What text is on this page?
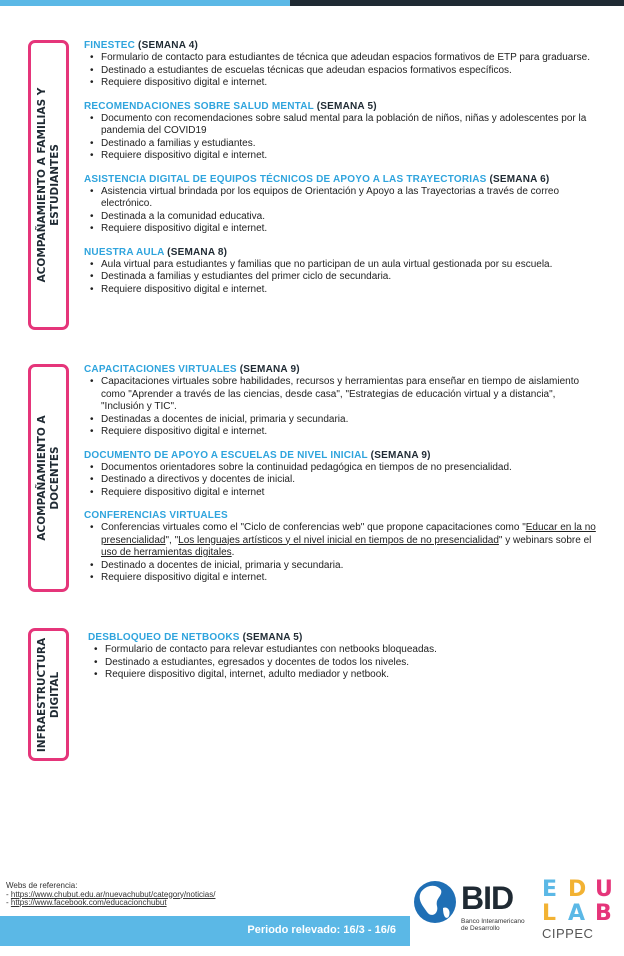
ACOMPAÑAMIENTO A FAMILIAS Y ESTUDIANTES
FINESTEC (SEMANA 4)
• Formulario de contacto para estudiantes de técnica que adeudan espacios formativos de ETP para graduarse.
• Destinado a estudiantes de escuelas técnicas que adeudan espacios formativos específicos.
• Requiere dispositivo digital e internet.
RECOMENDACIONES SOBRE SALUD MENTAL (SEMANA 5)
• Documento con recomendaciones sobre salud mental para la población de niños, niñas y adolescentes por la pandemia del COVID19
• Destinado a familias y estudiantes.
• Requiere dispositivo digital e internet.
ASISTENCIA DIGITAL DE EQUIPOS TÉCNICOS DE APOYO A LAS TRAYECTORIAS (SEMANA 6)
• Asistencia virtual brindada por los equipos de Orientación y Apoyo a las Trayectorias a través de correo electrónico.
• Destinada a la comunidad educativa.
• Requiere dispositivo digital e internet.
NUESTRA AULA (SEMANA 8)
• Aula virtual para estudiantes y familias que no participan de un aula virtual gestionada por su escuela.
• Destinada a familias y estudiantes del primer ciclo de secundaria.
• Requiere dispositivo digital e internet.
ACOMPAÑAMIENTO A DOCENTES
CAPACITACIONES VIRTUALES (SEMANA 9)
• Capacitaciones virtuales sobre habilidades, recursos y herramientas para enseñar en tiempo de aislamiento como "Aprender a través de las ciencias, desde casa", "Estrategias de educación virtual y a distancia", "Inclusión y TIC".
• Destinadas a docentes de inicial, primaria y secundaria.
• Requiere dispositivo digital e internet.
DOCUMENTO DE APOYO A ESCUELAS DE NIVEL INICIAL (SEMANA 9)
• Documentos orientadores sobre la continuidad pedagógica en tiempos de no presencialidad.
• Destinado a directivos y docentes de inicial.
• Requiere dispositivo digital e internet
CONFERENCIAS VIRTUALES
• Conferencias virtuales como el "Ciclo de conferencias web" que propone capacitaciones como "Educar en la no presencialidad", "Los lenguajes artísticos y el nivel inicial en tiempos de no presencialidad" y webinars sobre el uso de herramientas digitales.
• Destinado a docentes de inicial, primaria y secundaria.
• Requiere dispositivo digital e internet.
INFRAESTRUCTURA DIGITAL
DESBLOQUEO DE NETBOOKS (SEMANA 5)
• Formulario de contacto para relevar estudiantes con netbooks bloqueadas.
• Destinado a estudiantes, egresados y docentes de todos los niveles.
• Requiere dispositivo digital, internet, adulto mediador y netbook.
Webs de referencia:
- https://www.chubut.edu.ar/nuevachubut/category/noticias/
- https://www.facebook.com/educacionchubut
Periodo relevado: 16/3 - 16/6
BID
Banco Interamericano
de Desarrollo
E D U
L A B
CIPPEC
